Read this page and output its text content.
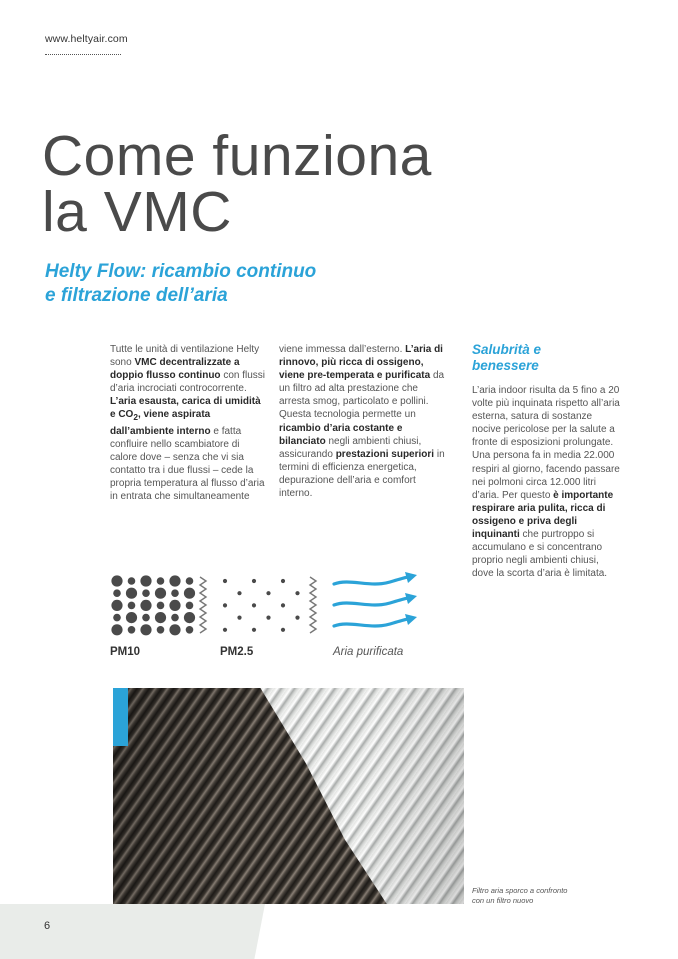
www.heltyair.com
Come funziona
la VMC
Helty Flow: ricambio continuo
e filtrazione dell’aria

Tutte le unità di ventilazione Helty sono VMC decentralizzate a doppio flusso continuo con flussi d’aria incrociati controcorrente. L’aria esausta, carica di umidità e $CO_2$, viene aspirata dall’ambiente interno e fatta confluire nello scambiatore di calore dove – senza che vi sia contatto tra i due flussi – cede la propria temperatura al flusso d’aria in entrata che simultaneamente

viene immessa dall’esterno. L’aria di rinnovo, più ricca di ossigeno, viene pre-temperata e purificata da un filtro ad alta prestazione che arresta smog, particolato e pollini. Questa tecnologia permette un ricambio d’aria costante e bilanciato negli ambienti chiusi, assicurando prestazioni superiori in termini di efficienza energetica, depurazione dell’aria e comfort interno.

Salubrità e
benessere

L’aria indoor risulta da 5 fino a 20 volte più inquinata rispetto all’aria esterna, satura di sostanze nocive pericolose per la salute a fronte di esposizioni prolungate. Una persona fa in media 22.000 respiri al giorno, facendo passare nei polmoni circa 12.000 litri d’aria. Per questo è importante respirare aria pulita, ricca di ossigeno e priva degli inquinanti che purtroppo si accumulano e si concentrano proprio negli ambienti chiusi, dove la scorta d’aria è limitata.

PM10	PM2.5	Aria purificata
Filtro aria sporco a confronto
con un filtro nuovo
6
